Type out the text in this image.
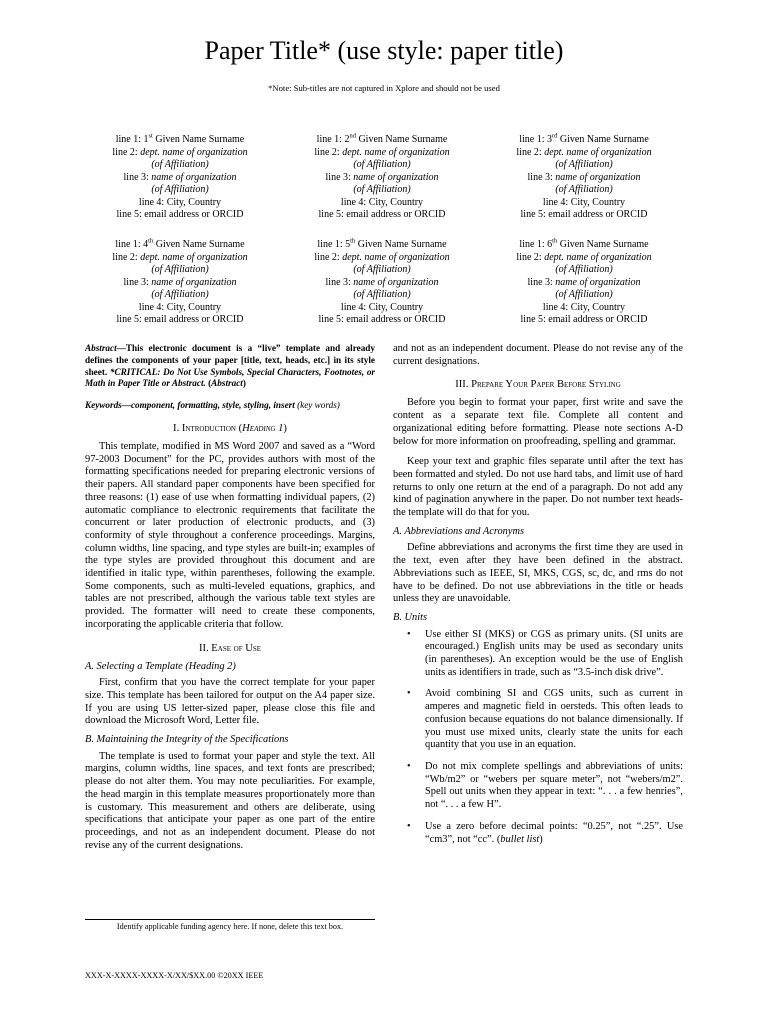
Paper Title* (use style: paper title)
*Note: Sub-titles are not captured in Xplore and should not be used
line 1: 1st Given Name Surname
line 2: dept. name of organization
(of Affiliation)
line 3: name of organization
(of Affiliation)
line 4: City, Country
line 5: email address or ORCID
line 1: 2nd Given Name Surname
line 2: dept. name of organization
(of Affiliation)
line 3: name of organization
(of Affiliation)
line 4: City, Country
line 5: email address or ORCID
line 1: 3rd Given Name Surname
line 2: dept. name of organization
(of Affiliation)
line 3: name of organization
(of Affiliation)
line 4: City, Country
line 5: email address or ORCID
line 1: 4th Given Name Surname
line 2: dept. name of organization
(of Affiliation)
line 3: name of organization
(of Affiliation)
line 4: City, Country
line 5: email address or ORCID
line 1: 5th Given Name Surname
line 2: dept. name of organization
(of Affiliation)
line 3: name of organization
(of Affiliation)
line 4: City, Country
line 5: email address or ORCID
line 1: 6th Given Name Surname
line 2: dept. name of organization
(of Affiliation)
line 3: name of organization
(of Affiliation)
line 4: City, Country
line 5: email address or ORCID

Abstract—This electronic document is a “live” template and already defines the components of your paper [title, text, heads, etc.] in its style sheet. *CRITICAL: Do Not Use Symbols, Special Characters, Footnotes, or Math in Paper Title or Abstract. (Abstract)

Keywords—component, formatting, style, styling, insert (key words)

I. Introduction (Heading 1)

This template, modified in MS Word 2007 and saved as a “Word 97-2003 Document” for the PC, provides authors with most of the formatting specifications needed for preparing electronic versions of their papers. All standard paper components have been specified for three reasons: (1) ease of use when formatting individual papers, (2) automatic compliance to electronic requirements that facilitate the concurrent or later production of electronic products, and (3) conformity of style throughout a conference proceedings. Margins, column widths, line spacing, and type styles are built-in; examples of the type styles are provided throughout this document and are identified in italic type, within parentheses, following the example. Some components, such as multi-leveled equations, graphics, and tables are not prescribed, although the various table text styles are provided. The formatter will need to create these components, incorporating the applicable criteria that follow.

II. Ease of Use
A. Selecting a Template (Heading 2)

First, confirm that you have the correct template for your paper size. This template has been tailored for output on the A4 paper size. If you are using US letter-sized paper, please close this file and download the Microsoft Word, Letter file.

B. Maintaining the Integrity of the Specifications

The template is used to format your paper and style the text. All margins, column widths, line spaces, and text fonts are prescribed; please do not alter them. You may note peculiarities. For example, the head margin in this template measures proportionately more than is customary. This measurement and others are deliberate, using specifications that anticipate your paper as one part of the entire proceedings, and not as an independent document. Please do not revise any of the current designations.

and not as an independent document. Please do not revise any of the current designations.

III. Prepare Your Paper Before Styling

Before you begin to format your paper, first write and save the content as a separate text file. Complete all content and organizational editing before formatting. Please note sections A-D below for more information on proofreading, spelling and grammar.

Keep your text and graphic files separate until after the text has been formatted and styled. Do not use hard tabs, and limit use of hard returns to only one return at the end of a paragraph. Do not add any kind of pagination anywhere in the paper. Do not number text heads-the template will do that for you.

A. Abbreviations and Acronyms

Define abbreviations and acronyms the first time they are used in the text, even after they have been defined in the abstract. Abbreviations such as IEEE, SI, MKS, CGS, sc, dc, and rms do not have to be defined. Do not use abbreviations in the title or heads unless they are unavoidable.

B. Units
• Use either SI (MKS) or CGS as primary units. (SI units are encouraged.) English units may be used as secondary units (in parentheses). An exception would be the use of English units as identifiers in trade, such as “3.5-inch disk drive”.
• Avoid combining SI and CGS units, such as current in amperes and magnetic field in oersteds. This often leads to confusion because equations do not balance dimensionally. If you must use mixed units, clearly state the units for each quantity that you use in an equation.
• Do not mix complete spellings and abbreviations of units: “Wb/m2” or “webers per square meter”, not “webers/m2”. Spell out units when they appear in text: “. . . a few henries”, not “. . . a few H”.
• Use a zero before decimal points: “0.25”, not “.25”. Use “cm3”, not “cc”. (bullet list)
Identify applicable funding agency here. If none, delete this text box.
XXX-X-XXXX-XXXX-X/XX/$XX.00 ©20XX IEEE
